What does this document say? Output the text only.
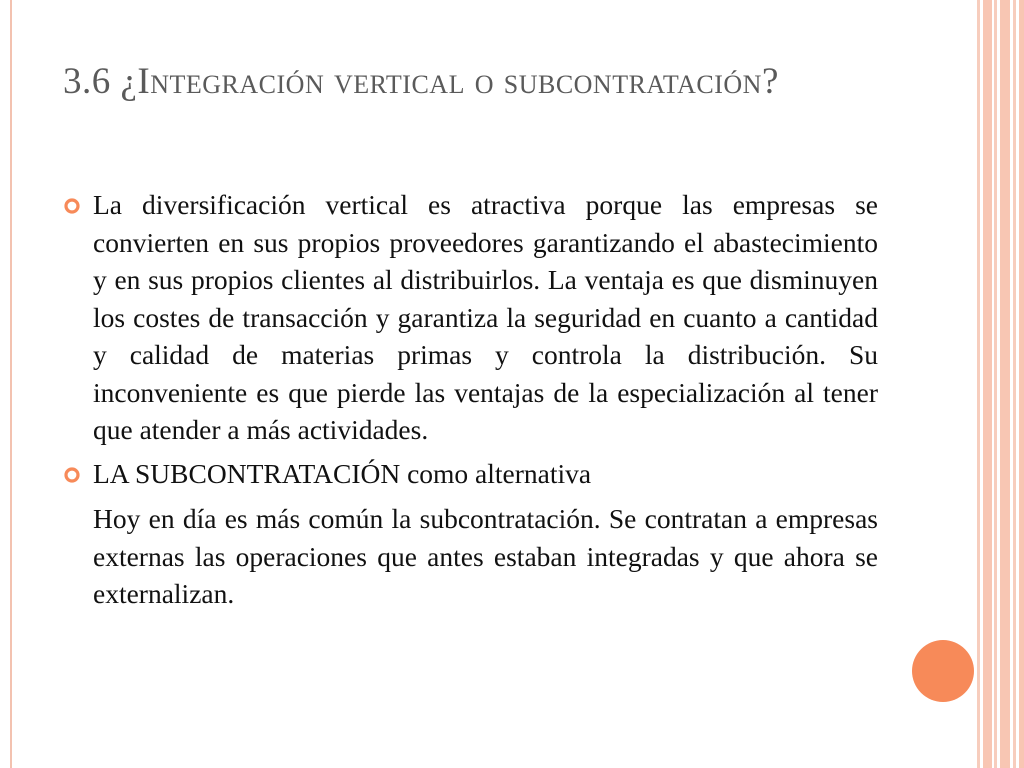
3.6 ¿Integración vertical o subcontratación?
La diversificación vertical es atractiva porque las empresas se convierten en sus propios proveedores garantizando el abastecimiento y en sus propios clientes al distribuirlos. La ventaja es que disminuyen los costes de transacción y garantiza la seguridad en cuanto a cantidad y calidad de materias primas y controla la distribución. Su inconveniente es que pierde las ventajas de la especialización al tener que atender a más actividades.
LA SUBCONTRATACIÓN como alternativa
Hoy en día es más común la subcontratación. Se contratan a empresas externas las operaciones que antes estaban integradas y que ahora se externalizan.
